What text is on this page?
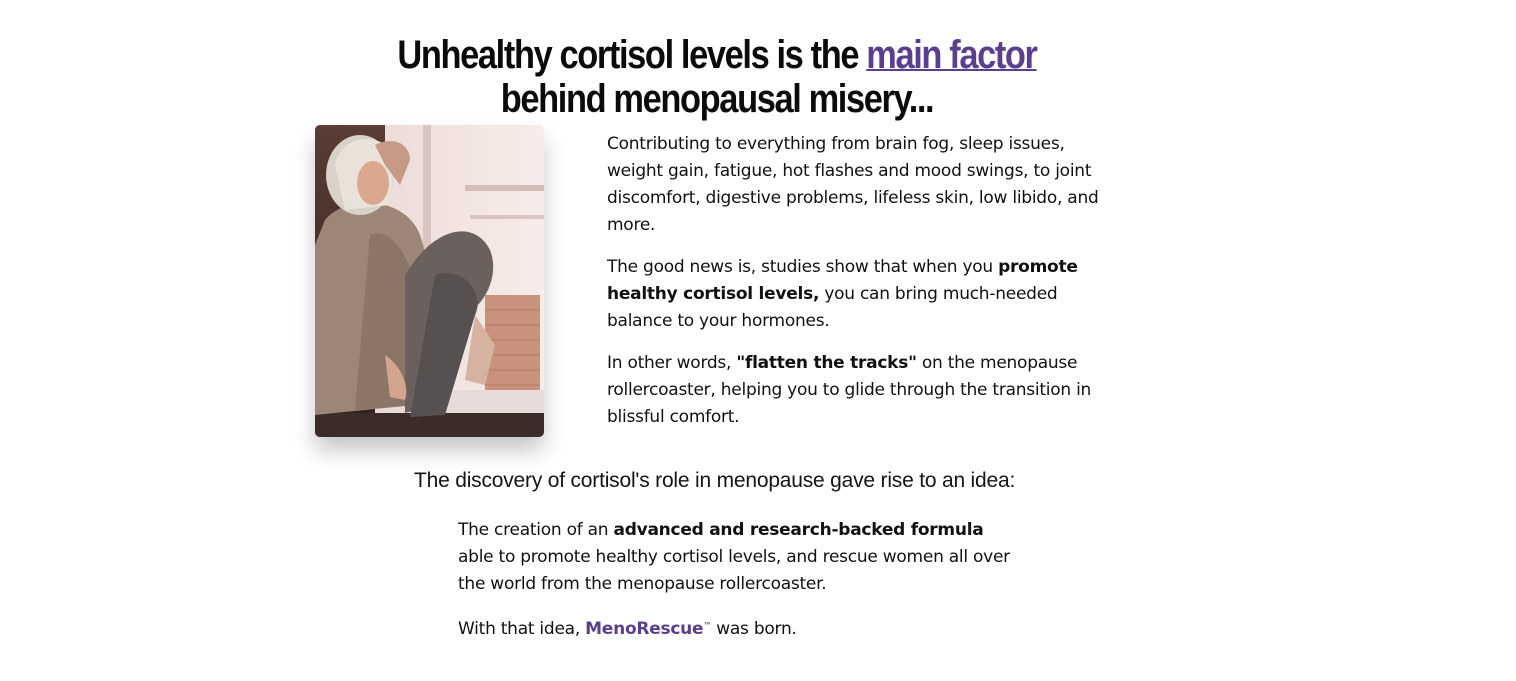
Unhealthy cortisol levels is the main factor
behind menopausal misery...

Contributing to everything from brain fog, sleep issues, weight gain, fatigue, hot flashes and mood swings, to joint discomfort, digestive problems, lifeless skin, low libido, and more.

The good news is, studies show that when you promote healthy cortisol levels, you can bring much-needed balance to your hormones.

In other words, "flatten the tracks" on the menopause rollercoaster, helping you to glide through the transition in blissful comfort.

The discovery of cortisol's role in menopause gave rise to an idea:

The creation of an advanced and research-backed formula able to promote healthy cortisol levels, and rescue women all over the world from the menopause rollercoaster.

With that idea, MenoRescue™ was born.
